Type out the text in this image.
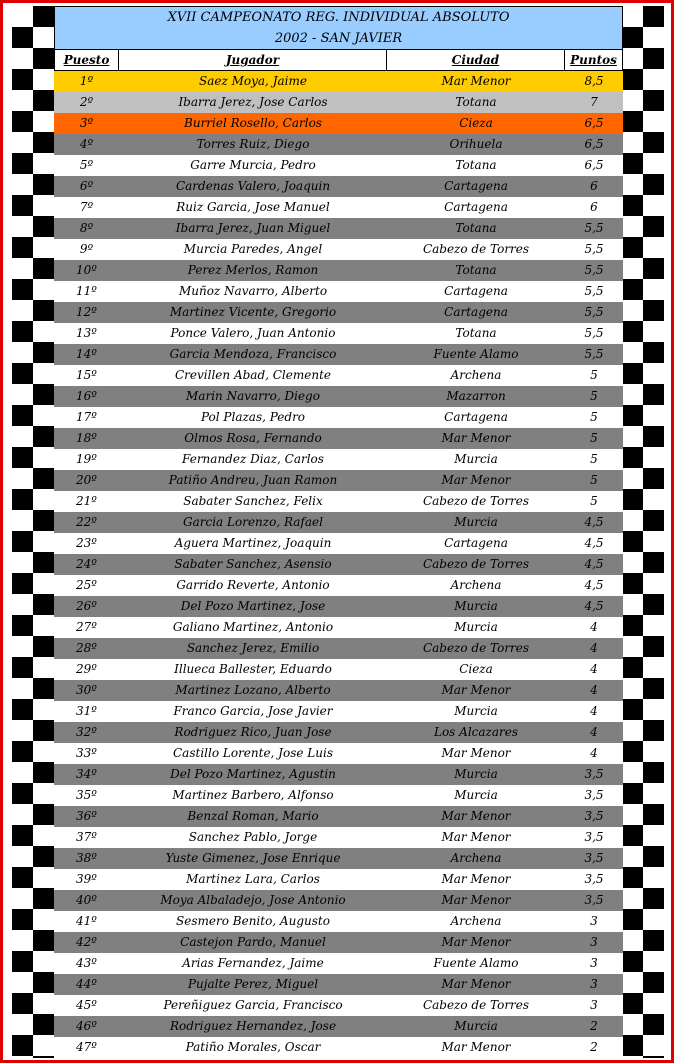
XVII CAMPEONATO REG. INDIVIDUAL ABSOLUTO
2002 - SAN JAVIER
Puesto	Jugador	Ciudad	Puntos
1º	Saez Moya, Jaime	Mar Menor	8,5
2º	Ibarra Jerez, Jose Carlos	Totana	7
3º	Burriel Rosello, Carlos	Cieza	6,5
4º	Torres Ruiz, Diego	Orihuela	6,5
5º	Garre Murcia, Pedro	Totana	6,5
6º	Cardenas Valero, Joaquin	Cartagena	6
7º	Ruiz Garcia, Jose Manuel	Cartagena	6
8º	Ibarra Jerez, Juan Miguel	Totana	5,5
9º	Murcia Paredes, Angel	Cabezo de Torres	5,5
10º	Perez Merlos, Ramon	Totana	5,5
11º	Muñoz Navarro, Alberto	Cartagena	5,5
12º	Martinez Vicente, Gregorio	Cartagena	5,5
13º	Ponce Valero, Juan Antonio	Totana	5,5
14º	Garcia Mendoza, Francisco	Fuente Alamo	5,5
15º	Crevillen Abad, Clemente	Archena	5
16º	Marin Navarro, Diego	Mazarron	5
17º	Pol Plazas, Pedro	Cartagena	5
18º	Olmos Rosa, Fernando	Mar Menor	5
19º	Fernandez Diaz, Carlos	Murcia	5
20º	Patiño Andreu, Juan Ramon	Mar Menor	5
21º	Sabater Sanchez, Felix	Cabezo de Torres	5
22º	Garcia Lorenzo, Rafael	Murcia	4,5
23º	Aguera Martinez, Joaquin	Cartagena	4,5
24º	Sabater Sanchez, Asensio	Cabezo de Torres	4,5
25º	Garrido Reverte, Antonio	Archena	4,5
26º	Del Pozo Martinez, Jose	Murcia	4,5
27º	Galiano Martinez, Antonio	Murcia	4
28º	Sanchez Jerez, Emilio	Cabezo de Torres	4
29º	Illueca Ballester, Eduardo	Cieza	4
30º	Martinez Lozano, Alberto	Mar Menor	4
31º	Franco Garcia, Jose Javier	Murcia	4
32º	Rodriguez Rico, Juan Jose	Los Alcazares	4
33º	Castillo Lorente, Jose Luis	Mar Menor	4
34º	Del Pozo Martinez, Agustin	Murcia	3,5
35º	Martinez Barbero, Alfonso	Murcia	3,5
36º	Benzal Roman, Mario	Mar Menor	3,5
37º	Sanchez Pablo, Jorge	Mar Menor	3,5
38º	Yuste Gimenez, Jose Enrique	Archena	3,5
39º	Martinez Lara, Carlos	Mar Menor	3,5
40º	Moya Albaladejo, Jose Antonio	Mar Menor	3,5
41º	Sesmero Benito, Augusto	Archena	3
42º	Castejon Pardo, Manuel	Mar Menor	3
43º	Arias Fernandez, Jaime	Fuente Alamo	3
44º	Pujalte Perez, Miguel	Mar Menor	3
45º	Pereñiguez Garcia, Francisco	Cabezo de Torres	3
46º	Rodriguez Hernandez, Jose	Murcia	2
47º	Patiño Morales, Oscar	Mar Menor	2
